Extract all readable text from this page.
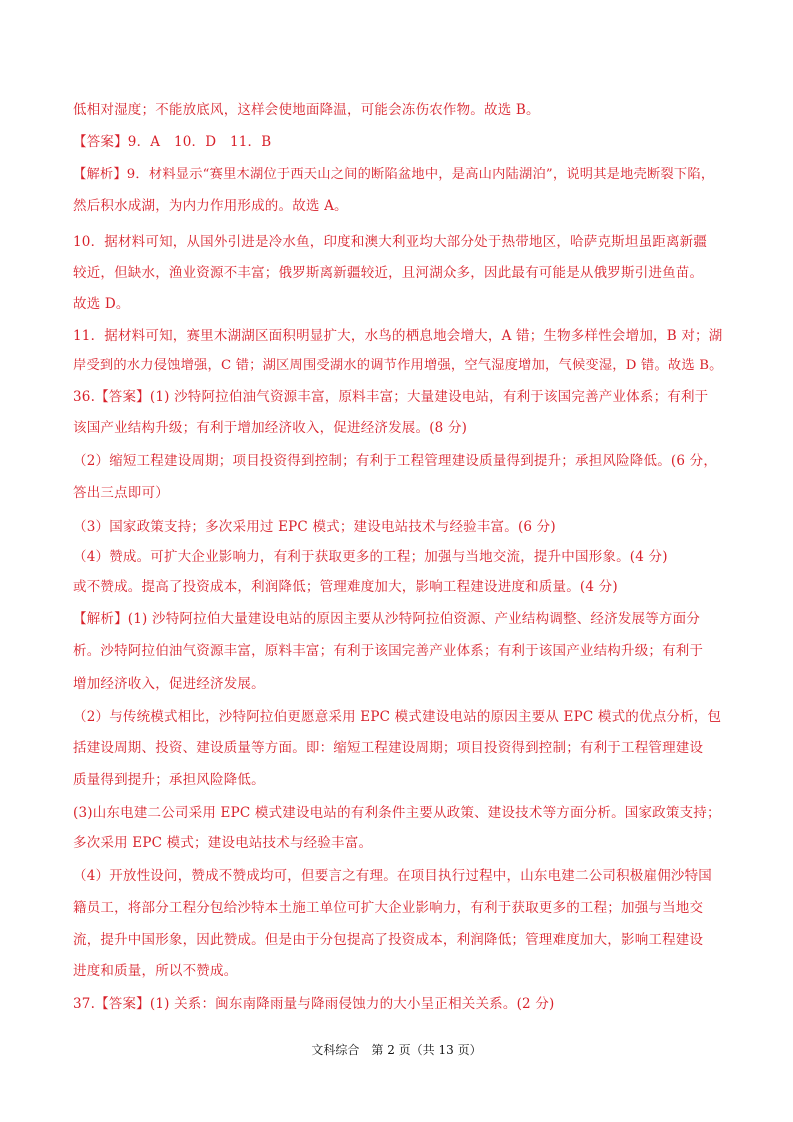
低相对湿度；不能放底风，这样会使地面降温，可能会冻伤农作物。故选 B。
【答案】9．A　10．D　11．B
【解析】9．材料显示“赛里木湖位于西天山之间的断陷盆地中，是高山内陆湖泊”，说明其是地壳断裂下陷，
然后积水成湖，为内力作用形成的。故选 A。
10．据材料可知，从国外引进是冷水鱼，印度和澳大利亚均大部分处于热带地区，哈萨克斯坦虽距离新疆
较近，但缺水，渔业资源不丰富；俄罗斯离新疆较近，且河湖众多，因此最有可能是从俄罗斯引进鱼苗。
故选 D。
11．据材料可知，赛里木湖湖区面积明显扩大，水鸟的栖息地会增大，A 错；生物多样性会增加，B 对；湖
岸受到的水力侵蚀增强，C 错；湖区周围受湖水的调节作用增强，空气湿度增加，气候变湿，D 错。故选 B。
36.【答案】(1) 沙特阿拉伯油气资源丰富，原料丰富；大量建设电站，有利于该国完善产业体系；有利于
该国产业结构升级；有利于增加经济收入，促进经济发展。(8 分)
（2）缩短工程建设周期；项目投资得到控制；有利于工程管理建设质量得到提升；承担风险降低。(6 分，
答出三点即可）
（3）国家政策支持；多次采用过 EPC 模式；建设电站技术与经验丰富。(6 分)
（4）赞成。可扩大企业影响力，有利于获取更多的工程；加强与当地交流，提升中国形象。(4 分)
或不赞成。提高了投资成本，利润降低；管理难度加大，影响工程建设进度和质量。(4 分)
【解析】(1) 沙特阿拉伯大量建设电站的原因主要从沙特阿拉伯资源、产业结构调整、经济发展等方面分
析。沙特阿拉伯油气资源丰富，原料丰富；有利于该国完善产业体系；有利于该国产业结构升级；有利于
增加经济收入，促进经济发展。
（2）与传统模式相比，沙特阿拉伯更愿意采用 EPC 模式建设电站的原因主要从 EPC 模式的优点分析，包
括建设周期、投资、建设质量等方面。即：缩短工程建设周期；项目投资得到控制；有利于工程管理建设
质量得到提升；承担风险降低。
(3)山东电建二公司采用 EPC 模式建设电站的有利条件主要从政策、建设技术等方面分析。国家政策支持；
多次采用 EPC 模式；建设电站技术与经验丰富。
（4）开放性设问，赞成不赞成均可，但要言之有理。在项目执行过程中，山东电建二公司积极雇佣沙特国
籍员工，将部分工程分包给沙特本土施工单位可扩大企业影响力，有利于获取更多的工程；加强与当地交
流，提升中国形象，因此赞成。但是由于分包提高了投资成本，利润降低；管理难度加大，影响工程建设
进度和质量，所以不赞成。
37.【答案】(1) 关系：闽东南降雨量与降雨侵蚀力的大小呈正相关关系。(2 分)
文科综合　第 2 页（共 13 页）
